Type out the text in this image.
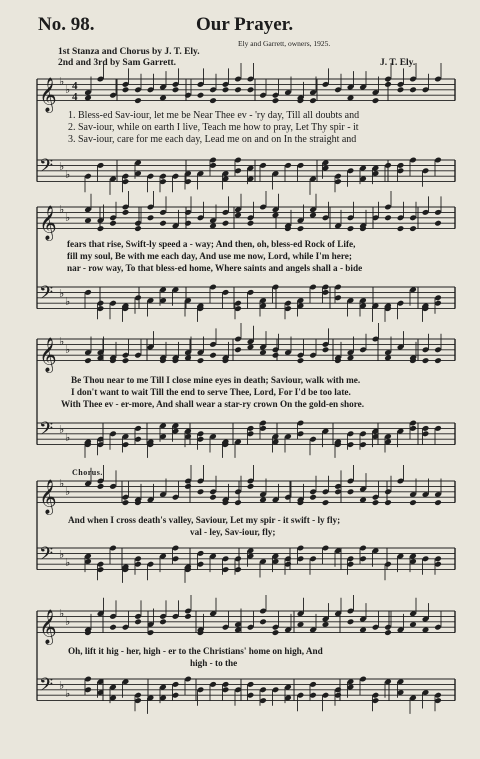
No. 98.	Our Prayer.
Ely and Garrett, owners, 1925.
1st Stanza and Chorus by J. T. Ely.
2nd and 3rd by Sam Garrett.	J. T. Ely.
𝄞 ♭
♭
𝄢 ♭
♭
4
4
𝄞 ♭
♭
𝄢 ♭
♭
𝄞 ♭
♭
𝄢 ♭
♭
𝄞 ♭
♭
𝄢 ♭
♭
𝄞 ♭
♭
𝄢 ♭
♭
1. Bless-ed Sav-iour, let me be Near Thee ev - 'ry day, Till all doubts and
2. Sav-iour, while on earth I live, Teach me how to pray, Let Thy spir - it
3. Sav-iour, care for me each day, Lead me on and on In the straight and
fears that rise, Swift-ly speed a - way; And then, oh, bless-ed Rock of Life,
fill my soul, Be with me each day, And use me now, Lord, while I'm here;
nar - row way, To that bless-ed home, Where saints and angels shall a - bide
Be Thou near to me Till I close mine eyes in death; Saviour, walk with me.
I don't want to wait Till the end to serve Thee, Lord, For I'd be too late.
With Thee ev - er-more, And shall wear a star-ry crown On the gold-en shore.
Chorus.
And when I cross death's valley, Saviour, Let my spir - it swift - ly fly;
val - ley, Sav-iour, fly;
Oh, lift it hig - her, high - er to the Christians' home on high, And
high - to the
